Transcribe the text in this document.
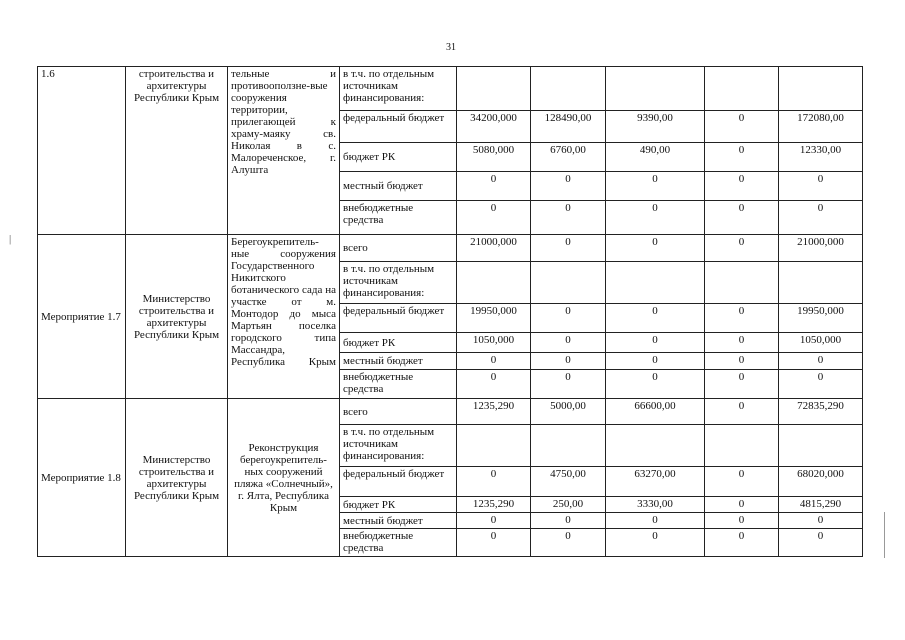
31
|
1.6	строительства и архитектуры Республики Крым	тельные и противооползне-вые сооружения территории, прилегающей к храму-маяку св. Николая в с. Малореченское, г. Алушта	в т.ч. по отдельным источникам финансирования:					
			федеральный бюджет	34200,000	128490,00	9390,00	0	172080,00
			бюджет РК	5080,000	6760,00	490,00	0	12330,00
			местный бюджет	0	0	0	0	0
			внебюджетные средства	0	0	0	0	0
Мероприятие 1.7	Министерство строительства и архитектуры Республики Крым	Берегоукрепитель-ные сооружения Государственного Никитского ботанического сада на участке от м. Монтодор до мыса Мартьян поселка городского типа Массандра, Республика Крым	всего	21000,000	0	0	0	21000,000
			в т.ч. по отдельным источникам финансирования:					
			федеральный бюджет	19950,000	0	0	0	19950,000
			бюджет РК	1050,000	0	0	0	1050,000
			местный бюджет	0	0	0	0	0
			внебюджетные средства	0	0	0	0	0
Мероприятие 1.8	Министерство строительства и архитектуры Республики Крым	Реконструкция берегоукрепитель-ных сооружений пляжа «Солнечный», г. Ялта, Республика Крым	всего	1235,290	5000,00	66600,00	0	72835,290
			в т.ч. по отдельным источникам финансирования:					
			федеральный бюджет	0	4750,00	63270,00	0	68020,000
			бюджет РК	1235,290	250,00	3330,00	0	4815,290
			местный бюджет	0	0	0	0	0
			внебюджетные средства	0	0	0	0	0
